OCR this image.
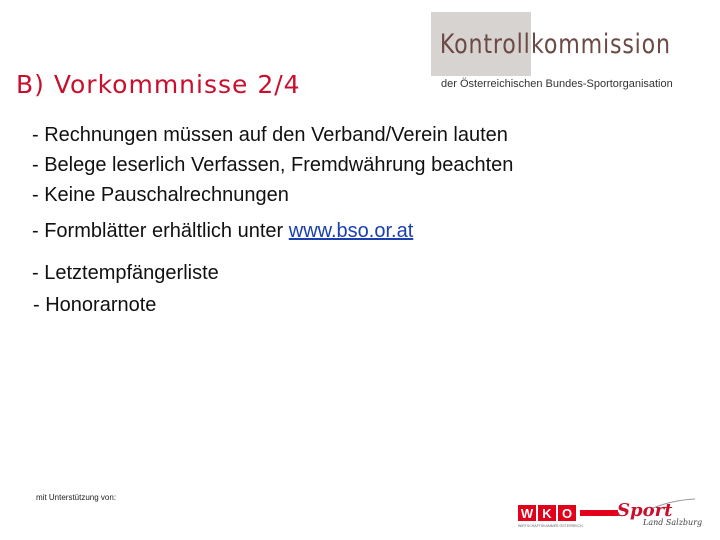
Kontroll kommission
der Österreichischen Bundes-Sportorganisation
B) Vorkommnisse 2/4
- Rechnungen müssen auf den Verband/Verein lauten
- Belege leserlich Verfassen, Fremdwährung beachten
- Keine Pauschalrechnungen
- Formblätter erhältlich unter www.bso.or.at
- Letztempfängerliste
- Honorarnote
mit Unterstützung von:
W K O
WIRTSCHAFTSKAMMER ÖSTERREICH
Sport
Land Salzburg
